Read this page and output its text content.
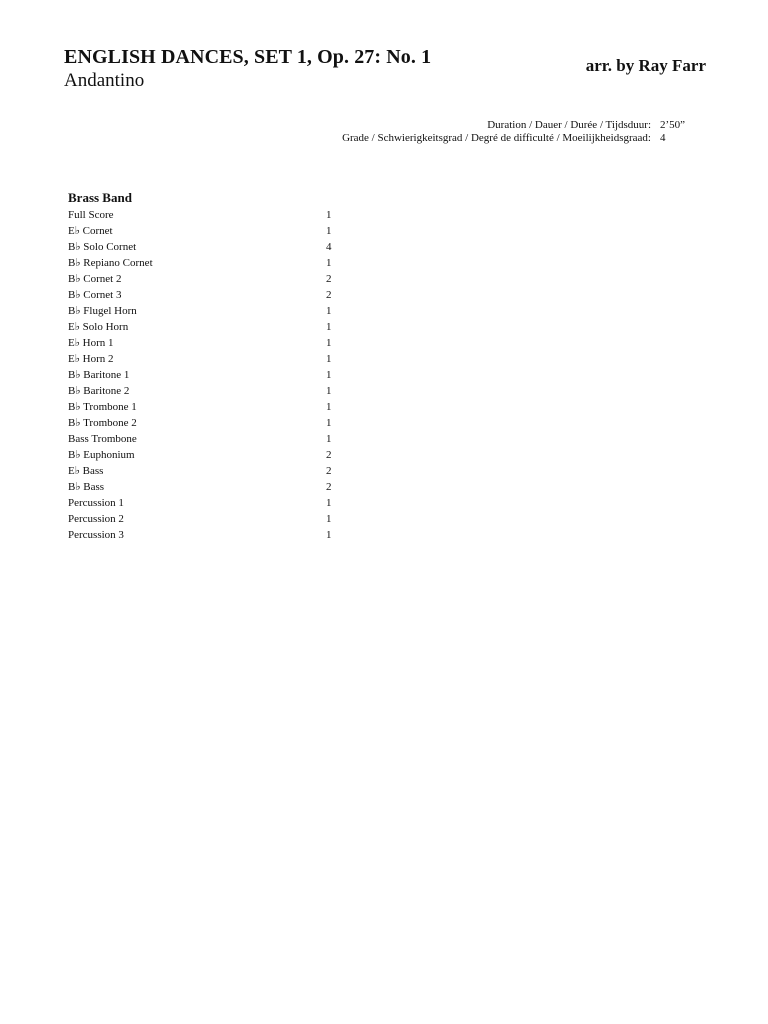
ENGLISH DANCES, SET 1, Op. 27: No. 1
Andantino
arr. by Ray Farr
Duration / Dauer / Durée / Tijdsduur: 2’50”
Grade / Schwierigkeitsgrad / Degré de difficulté / Moeilijkheidsgraad: 4
Brass Band
Full Score	1
E♭ Cornet	1
B♭ Solo Cornet	4
B♭ Repiano Cornet	1
B♭ Cornet 2	2
B♭ Cornet 3	2
B♭ Flugel Horn	1
E♭ Solo Horn	1
E♭ Horn 1	1
E♭ Horn 2	1
B♭ Baritone 1	1
B♭ Baritone 2	1
B♭ Trombone 1	1
B♭ Trombone 2	1
Bass Trombone	1
B♭ Euphonium	2
E♭ Bass	2
B♭ Bass	2
Percussion 1	1
Percussion 2	1
Percussion 3	1
